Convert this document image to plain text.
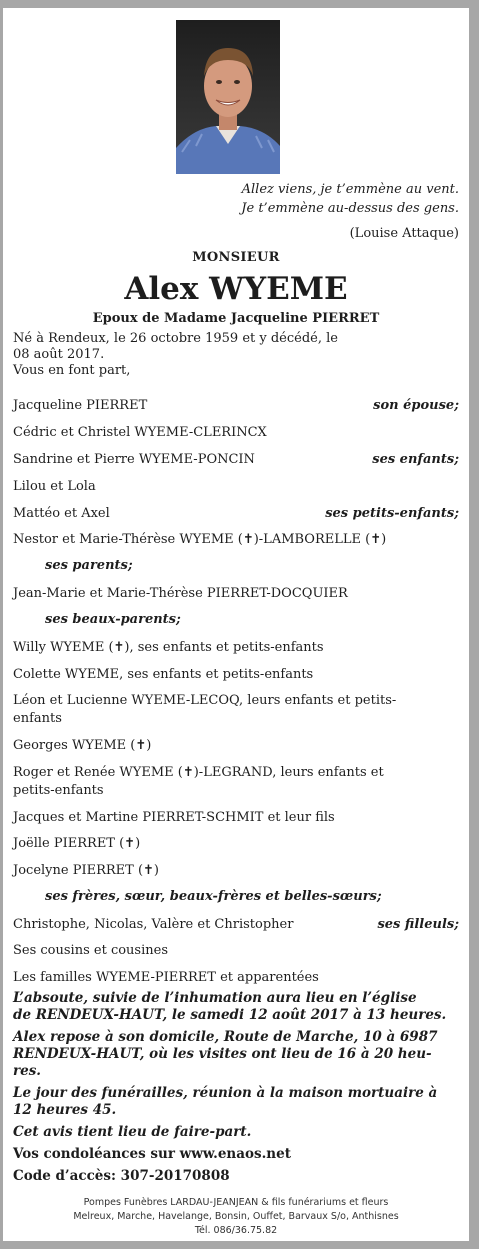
Allez viens, je t’emmène au vent.
Je t’emmène au-dessus des gens.
(Louise Attaque)
MONSIEUR
Alex WYEME
Epoux de Madame Jacqueline PIERRET
Né à Rendeux, le 26 octobre 1959 et y décédé, le
08 août 2017.
Vous en font part,
Jacqueline PIERRET	son épouse;
Cédric et Christel WYEME-CLERINCX
Sandrine et Pierre WYEME-PONCIN	ses enfants;
Lilou et Lola
Mattéo et Axel	ses petits-enfants;
Nestor et Marie-Thérèse WYEME (✝)-LAMBORELLE (✝)
ses parents;
Jean-Marie et Marie-Thérèse PIERRET-DOCQUIER
ses beaux-parents;
Willy WYEME (✝), ses enfants et petits-enfants
Colette WYEME, ses enfants et petits-enfants
Léon et Lucienne WYEME-LECOQ, leurs enfants et petits-
enfants
Georges WYEME (✝)
Roger et Renée WYEME (✝)-LEGRAND, leurs enfants et
petits-enfants
Jacques et Martine PIERRET-SCHMIT et leur fils
Joëlle PIERRET (✝)
Jocelyne PIERRET (✝)
ses frères, sœur, beaux-frères et belles-sœurs;
Christophe, Nicolas, Valère et Christopher	ses filleuls;
Ses cousins et cousines
Les familles WYEME-PIERRET et apparentées
L’absoute, suivie de l’inhumation aura lieu en l’église
de RENDEUX-HAUT, le samedi 12 août 2017 à 13 heures.
Alex repose à son domicile, Route de Marche, 10 à 6987
RENDEUX-HAUT, où les visites ont lieu de 16 à 20 heu-
res.
Le jour des funérailles, réunion à la maison mortuaire à
12 heures 45.
Cet avis tient lieu de faire-part.
Vos condoléances sur www.enaos.net
Code d’accès: 307-20170808
Pompes Funèbres LARDAU-JEANJEAN & fils funérariums et fleurs
Melreux, Marche, Havelange, Bonsin, Ouffet, Barvaux S/o, Anthisnes
Tél. 086/36.75.82
